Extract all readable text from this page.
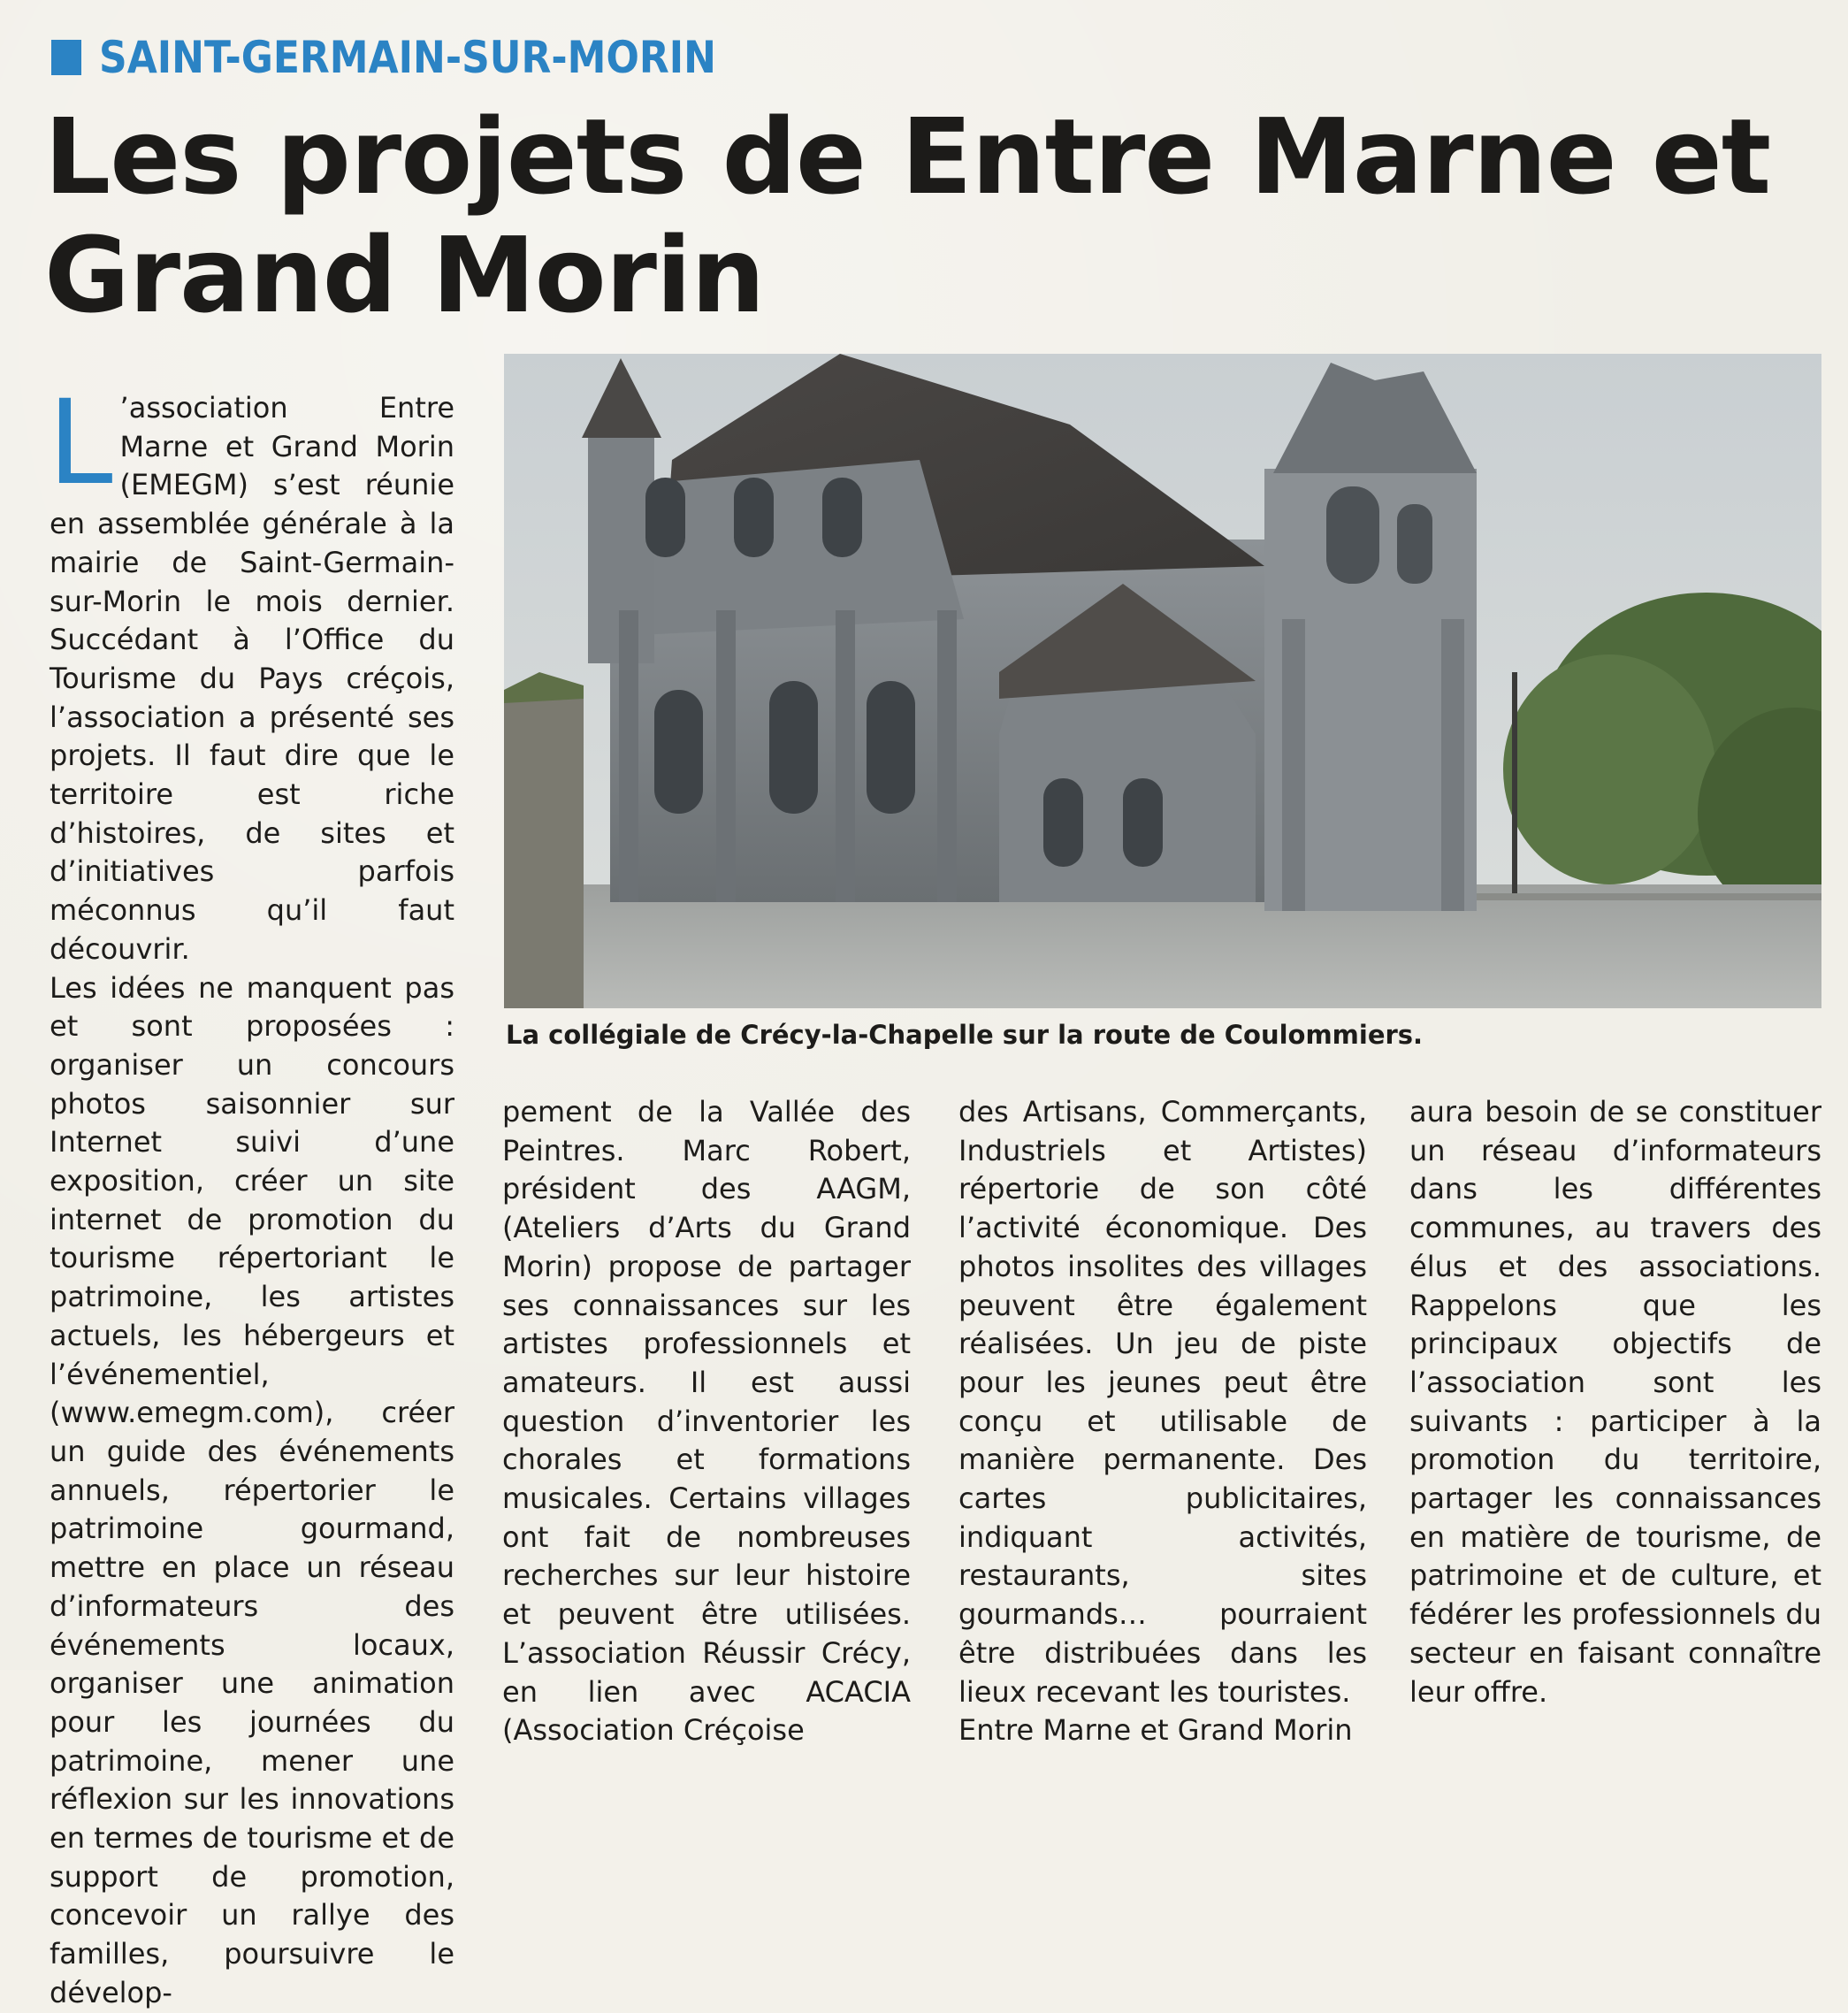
SAINT-GERMAIN-SUR-MORIN
Les projets de Entre Marne et
Grand Morin
La collégiale de Crécy-la-Chapelle sur la route de Coulommiers.

L ’association Entre Marne et Grand Morin (EMEGM) s’est réunie en assemblée générale à la mairie de Saint-Germain-sur-Morin le mois dernier. Succédant à l’Office du Tourisme du Pays créçois, l’association a présenté ses projets. Il faut dire que le territoire est riche d’histoires, de sites et d’initiatives parfois méconnus qu’il faut découvrir.

Les idées ne manquent pas et sont proposées : organiser un concours photos saisonnier sur Internet suivi d’une exposition, créer un site internet de promotion du tourisme répertoriant le patrimoine, les artistes actuels, les hébergeurs et l’événementiel, (www.emegm.com), créer un guide des événements annuels, répertorier le patrimoine gourmand, mettre en place un réseau d’informateurs des événements locaux, organiser une animation pour les journées du patrimoine, mener une réflexion sur les innovations en termes de tourisme et de support de promotion, concevoir un rallye des familles, poursuivre le dévelop-

pement de la Vallée des Peintres. Marc Robert, président des AAGM, (Ateliers d’Arts du Grand Morin) propose de partager ses connaissances sur les artistes professionnels et amateurs. Il est aussi question d’inventorier les chorales et formations musicales. Certains villages ont fait de nombreuses recherches sur leur histoire et peuvent être utilisées. L’association Réussir Crécy, en lien avec ACACIA (Association Créçoise

des Artisans, Commerçants, Industriels et Artistes) répertorie de son côté l’activité économique. Des photos insolites des villages peuvent être également réalisées. Un jeu de piste pour les jeunes peut être conçu et utilisable de manière permanente. Des cartes publicitaires, indiquant activités, restaurants, sites gourmands… pourraient être distribuées dans les lieux recevant les touristes.

Entre Marne et Grand Morin

aura besoin de se constituer un réseau d’informateurs dans les différentes communes, au travers des élus et des associations. Rappelons que les principaux objectifs de l’association sont les suivants : participer à la promotion du territoire, partager les connaissances en matière de tourisme, de patrimoine et de culture, et fédérer les professionnels du secteur en faisant connaître leur offre.
